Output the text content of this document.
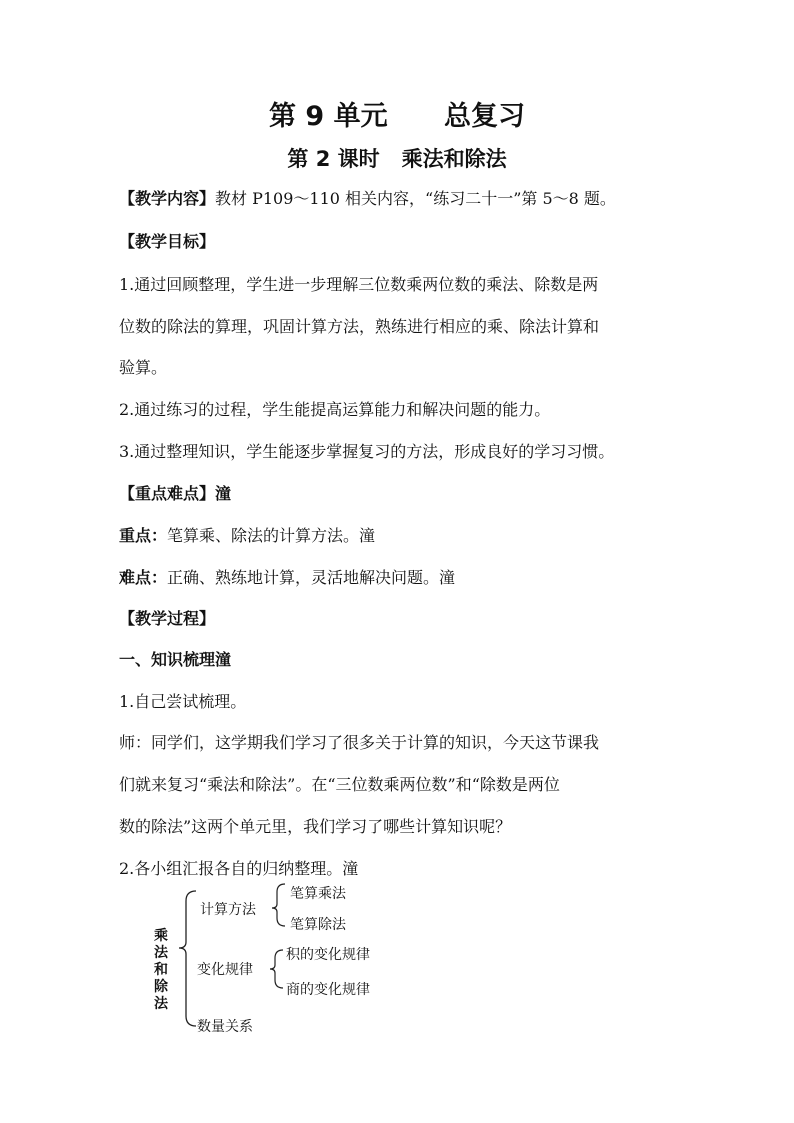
第 9 单元      总复习
第 2 课时   乘法和除法
【教学内容】教材 P109～110 相关内容，“练习二十一”第 5～8 题。
【教学目标】
1.通过回顾整理，学生进一步理解三位数乘两位数的乘法、除数是两
位数的除法的算理，巩固计算方法，熟练进行相应的乘、除法计算和
验算。
2.通过练习的过程，学生能提高运算能力和解决问题的能力。
3.通过整理知识，学生能逐步掌握复习的方法，形成良好的学习习惯。
【重点难点】潼
重点：笔算乘、除法的计算方法。潼
难点：正确、熟练地计算，灵活地解决问题。潼
【教学过程】
一、知识梳理潼
1.自己尝试梳理。
师：同学们，这学期我们学习了很多关于计算的知识，今天这节课我
们就来复习“乘法和除法”。在“三位数乘两位数”和“除数是两位
数的除法”这两个单元里，我们学习了哪些计算知识呢？
2.各小组汇报各自的归纳整理。潼
乘法和除法
计算方法
笔算乘法
笔算除法
变化规律
积的变化规律
商的变化规律
数量关系
